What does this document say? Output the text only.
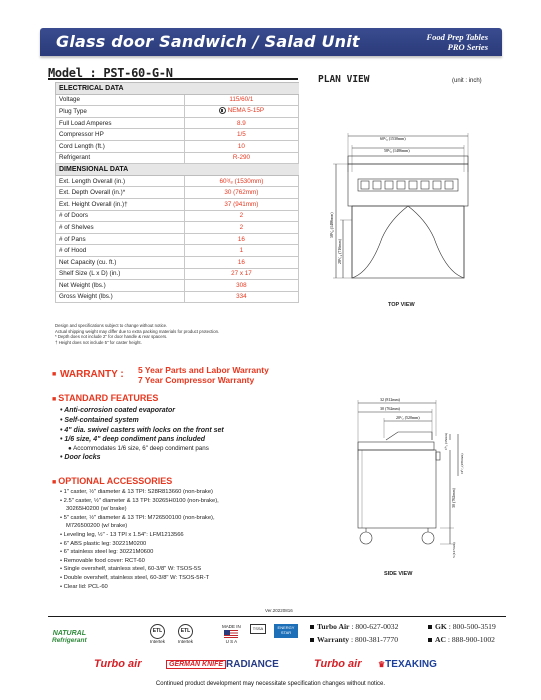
Glass door Sandwich / Salad Unit	Food Prep Tables
PRO Series
Model : PST-60-G-N
ELECTRICAL DATA	
Voltage	115/60/1
Plug Type	NEMA 5-15P

Full Load Amperes	8.9
Compressor HP	1/5
Cord Length (ft.)	10
Refrigerant	R-290
DIMENSIONAL DATA	
Ext. Length Overall (in.)	60³/₈ (1530mm)
Ext. Depth Overall (in.)*	30 (762mm)
Ext. Height Overall (in.)†	37 (941mm)
# of Doors	2
# of Shelves	2
# of Pans	16
# of Hood	1
Net Capacity (cu. ft.)	16
Shelf Size (L x D) (in.)	27 x 17
Net Weight (lbs.)	308
Gross Weight (lbs.)	334
Design and specifications subject to change without notice.
Actual shipping weight may differ due to extra packing materials for product protection.
* Depth does not include 2" for door handle & rear spacers.
† Height does not include 5" for caster height.
■ WARRANTY : 5 Year Parts and Labor Warranty
7 Year Compressor Warranty
■ STANDARD FEATURES
• Anti-corrosion coated evaporator
• Self-contained system
• 4" dia. swivel casters with locks on the front set
• 1/6 size, 4" deep condiment pans included
● Accommodates 1/6 size, 6" deep condiment pans
• Door locks
■ OPTIONAL ACCESSORIES
• 1" caster, ½" diameter & 13 TPI: S28R813660 (non-brake)
• 2.5" caster, ½" diameter & 13 TPI: 30265H0100 (non-brake),
30265H0200 (w/ brake)
• 5" caster, ½" diameter & 13 TPI: M726500100 (non-brake),
M726500200 (w/ brake)
• Leveling leg, ½" - 13 TPI x 1.54": LFM1213566
• 6" ABS plastic leg: 30221M0200
• 6" stainless steel leg: 30221M0600
• Removable food cover: RCT-60
• Single overshelf, stainless steel, 60-3/8" W: TSOS-5S
• Double overshelf, stainless steel, 60-3/8" W: TSOS-5R-T
• Clear lid: PCL-60
PLAN VIEW	(unit : inch)
60³/₈ (1530mm)
58³/₈ (1486mm)
58³/₈ (1486mm)
28³/₁₆ (716mm)
32 (812mm)
30 (762mm)
20¹/₂ (520mm)
1³/₈ (35mm)
11¹/₄ (286mm)
30 (762mm)
5 (127mm)
TOP VIEW
SIDE VIEW
Ver.20220816
NATURAL
Refrigerant
ETL
Intertek
ETL
Intertek
MADE IN
U S A
TSSA	ENERGY STAR
Turbo Air : 800-627-0032	GK : 800-500-3519
Warranty : 800-381-7770	AC : 888-900-1002
Turbo air	GERMAN KNIFE RADIANCE	Turbo air ♛TEXAKING
Continued product development may necessitate specification changes without notice.
